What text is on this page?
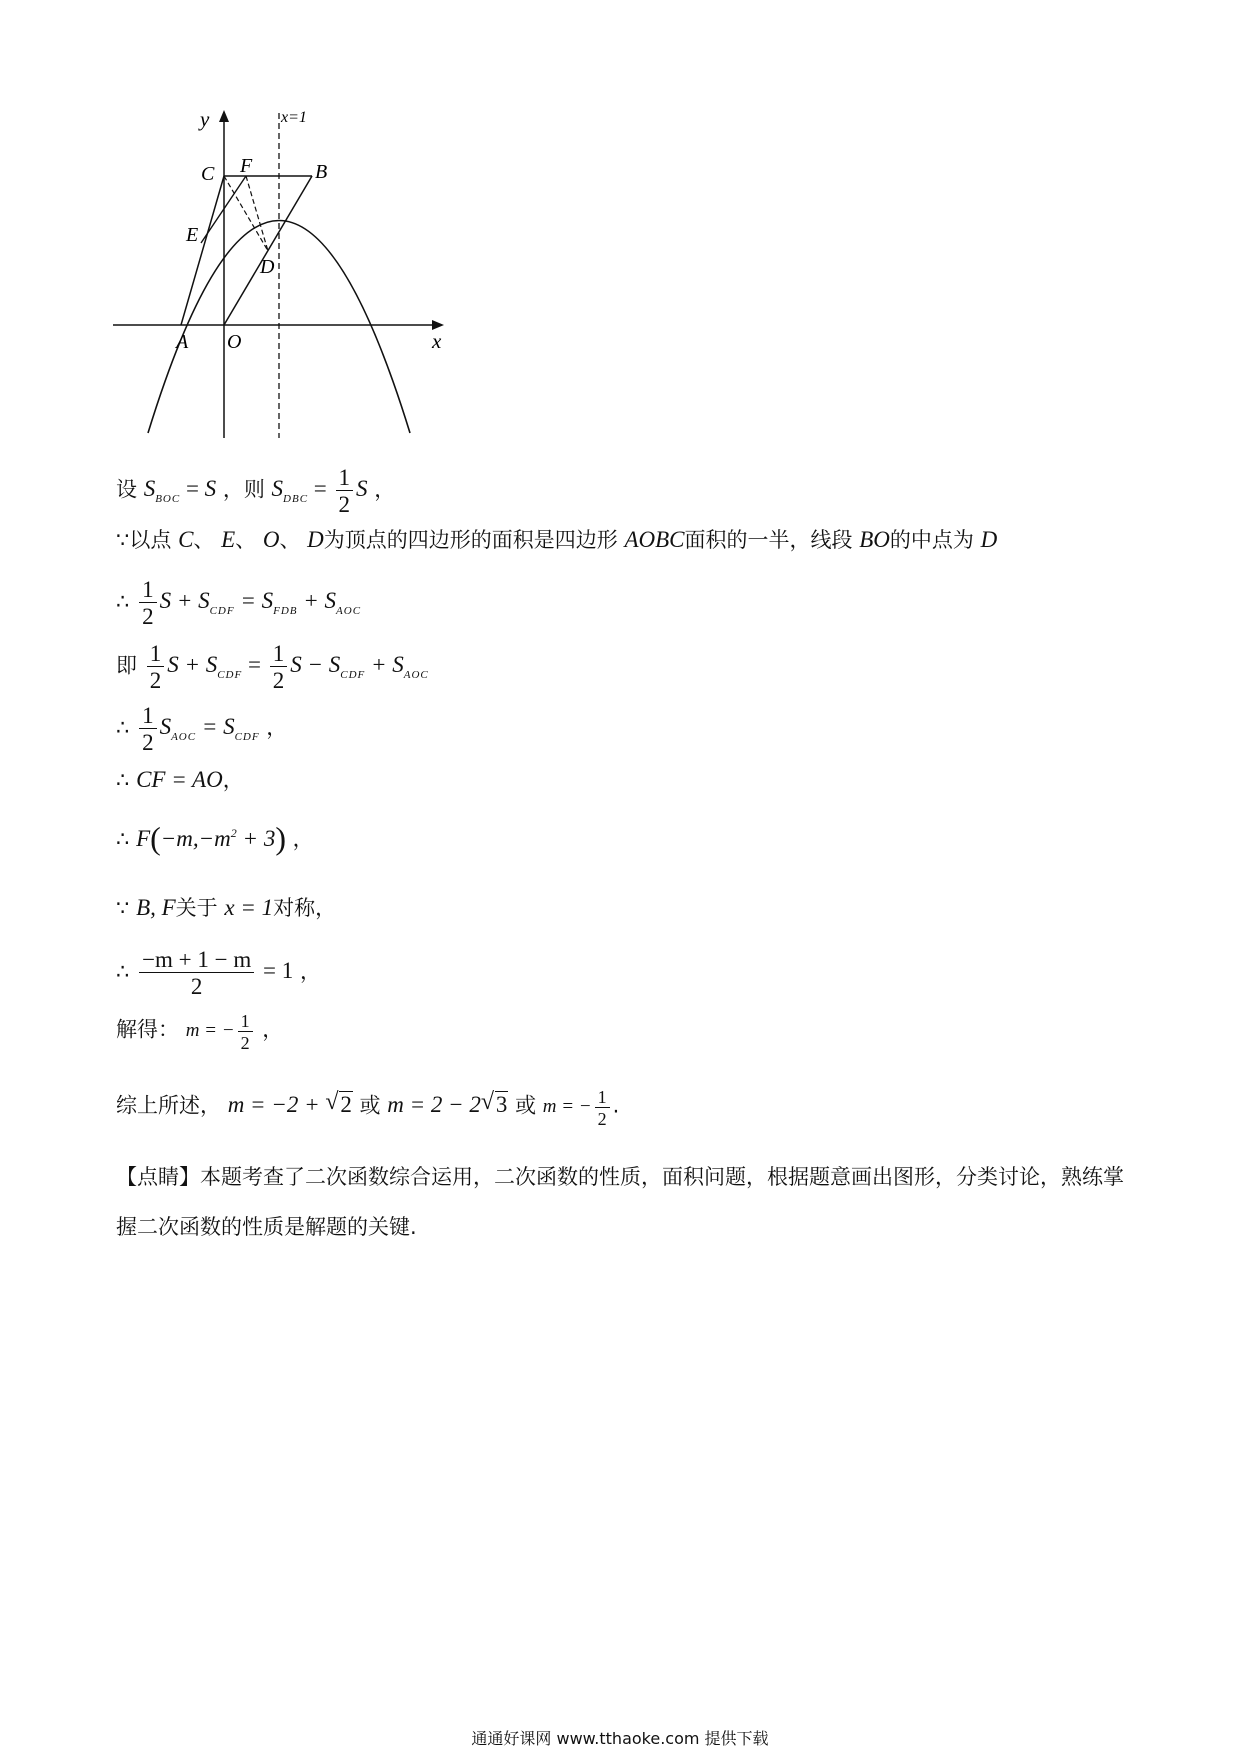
y
x
x=1
C F	B
E
D
A O
设 $S_{BOC} = S$ ，则 $S_{DBC} = \frac{1}{2}$ S ，
∵以点 C、 E、 O、 D为顶点的四边形的面积是四边形 AOBC面积的一半，线段 BO的中点为 D
∴ $\frac{1}{2}$ $S + S_{CDF} = S_{FDB} + S_{AOC}$
即 $\frac{1}{2}$ $S + S_{CDF} = \frac{1}{2}$ $S - S_{CDF} + S_{AOC}$
∴ $\frac{1}{2} S_{AOC} = S_{CDF}$ ，
∴ CF = AO，
∴ $F(-m,-m^2 + 3)$ ，
∵ B, F关于 x = 1对称，
∴ $\frac{-m + 1 - m}{2} = 1$ ，
解得： m = − $\frac{1}{2}$ ，
综上所述， m = −2 + √ 2 或 m = 2 − 2 √ 3 或 m = − $\frac{1}{2}$ .
【点睛】本题考查了二次函数综合运用，二次函数的性质，面积问题，根据题意画出图形，分类讨论，熟练掌握二次函数的性质是解题的关键.
通通好课网 www.tthaoke.com 提供下载
